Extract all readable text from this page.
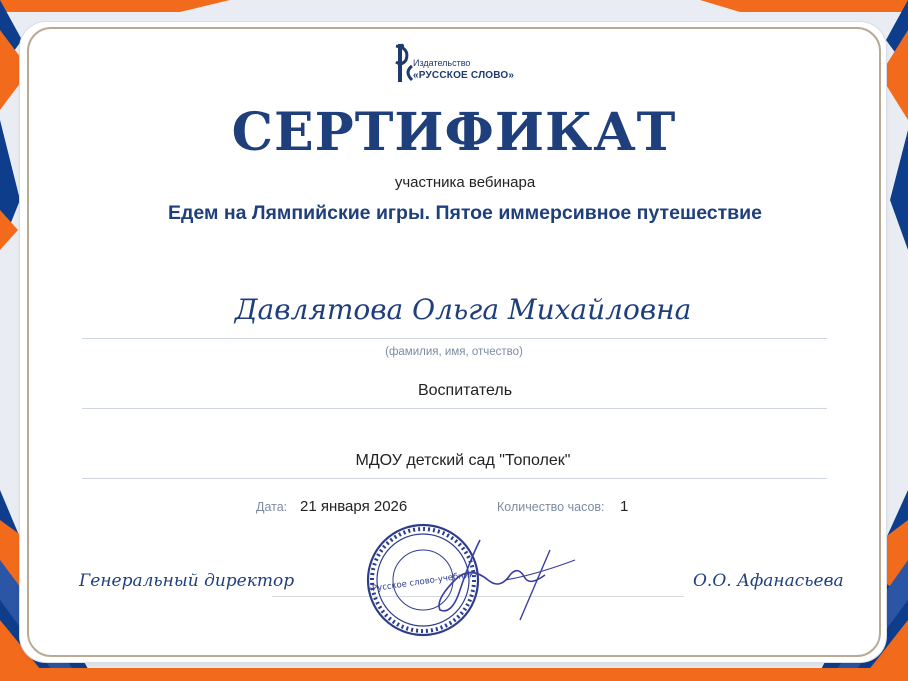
Издательство
«РУССКОЕ СЛОВО»
СЕРТИФИКАТ
участника вебинара
Едем на Лямпийские игры. Пятое иммерсивное путешествие
Давлятова Ольга Михайловна
(фамилия, имя, отчество)
Воспитатель
МДОУ детский сад "Тополек"
Дата: 21 января 2026	Количество часов: 1
Генеральный директор	О.О. Афанасьева
«Русское слово-учебник»
